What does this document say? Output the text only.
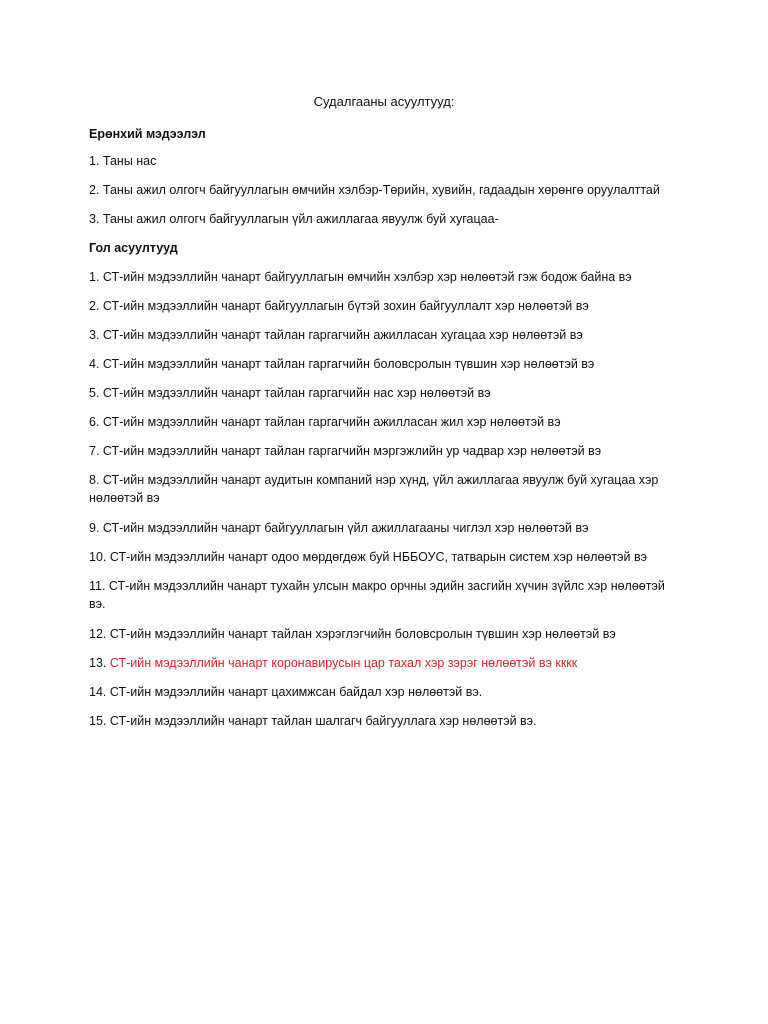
Судалгааны асуултууд:
Ерөнхий мэдээлэл
1. Таны нас
2. Таны ажил олгогч байгууллагын өмчийн хэлбэр-Төрийн, хувийн, гадаадын хөрөнгө оруулалттай
3. Таны ажил олгогч байгууллагын үйл ажиллагаа явуулж буй хугацаа-
Гол асуултууд
1. СТ-ийн мэдээллийн чанарт байгууллагын өмчийн хэлбэр хэр нөлөөтэй гэж бодож байна вэ
2. СТ-ийн мэдээллийн чанарт байгууллагын бүтэй зохин байгууллалт хэр нөлөөтэй вэ
3. СТ-ийн мэдээллийн чанарт тайлан гаргагчийн ажилласан хугацаа хэр нөлөөтэй вэ
4. СТ-ийн мэдээллийн чанарт тайлан гаргагчийн боловсролын түвшин хэр нөлөөтэй вэ
5. СТ-ийн мэдээллийн чанарт тайлан гаргагчийн нас хэр нөлөөтэй вэ
6. СТ-ийн мэдээллийн чанарт тайлан гаргагчийн ажилласан жил хэр нөлөөтэй вэ
7. СТ-ийн мэдээллийн чанарт тайлан гаргагчийн мэргэжлийн ур чадвар хэр нөлөөтэй вэ
8. СТ-ийн мэдээллийн чанарт аудитын компаний нэр хүнд, үйл ажиллагаа явуулж буй хугацаа хэр нөлөөтэй вэ
9. СТ-ийн мэдээллийн чанарт байгууллагын үйл ажиллагааны чиглэл хэр нөлөөтэй вэ
10. СТ-ийн мэдээллийн чанарт одоо мөрдөгдөж буй НББОУС, татварын систем хэр нөлөөтэй вэ
11. СТ-ийн мэдээллийн чанарт тухайн улсын макро орчны эдийн засгийн хүчин зүйлс хэр нөлөөтэй вэ.
12. СТ-ийн мэдээллийн чанарт тайлан хэрэглэгчийн боловсролын түвшин хэр нөлөөтэй вэ
13. СТ-ийн мэдээллийн чанарт коронавирусын цар тахал хэр зэрэг нөлөөтэй вэ кккк
14. СТ-ийн мэдээллийн чанарт цахимжсан байдал хэр нөлөөтэй вэ.
15. СТ-ийн мэдээллийн чанарт тайлан шалгагч байгууллага хэр нөлөөтэй вэ.
